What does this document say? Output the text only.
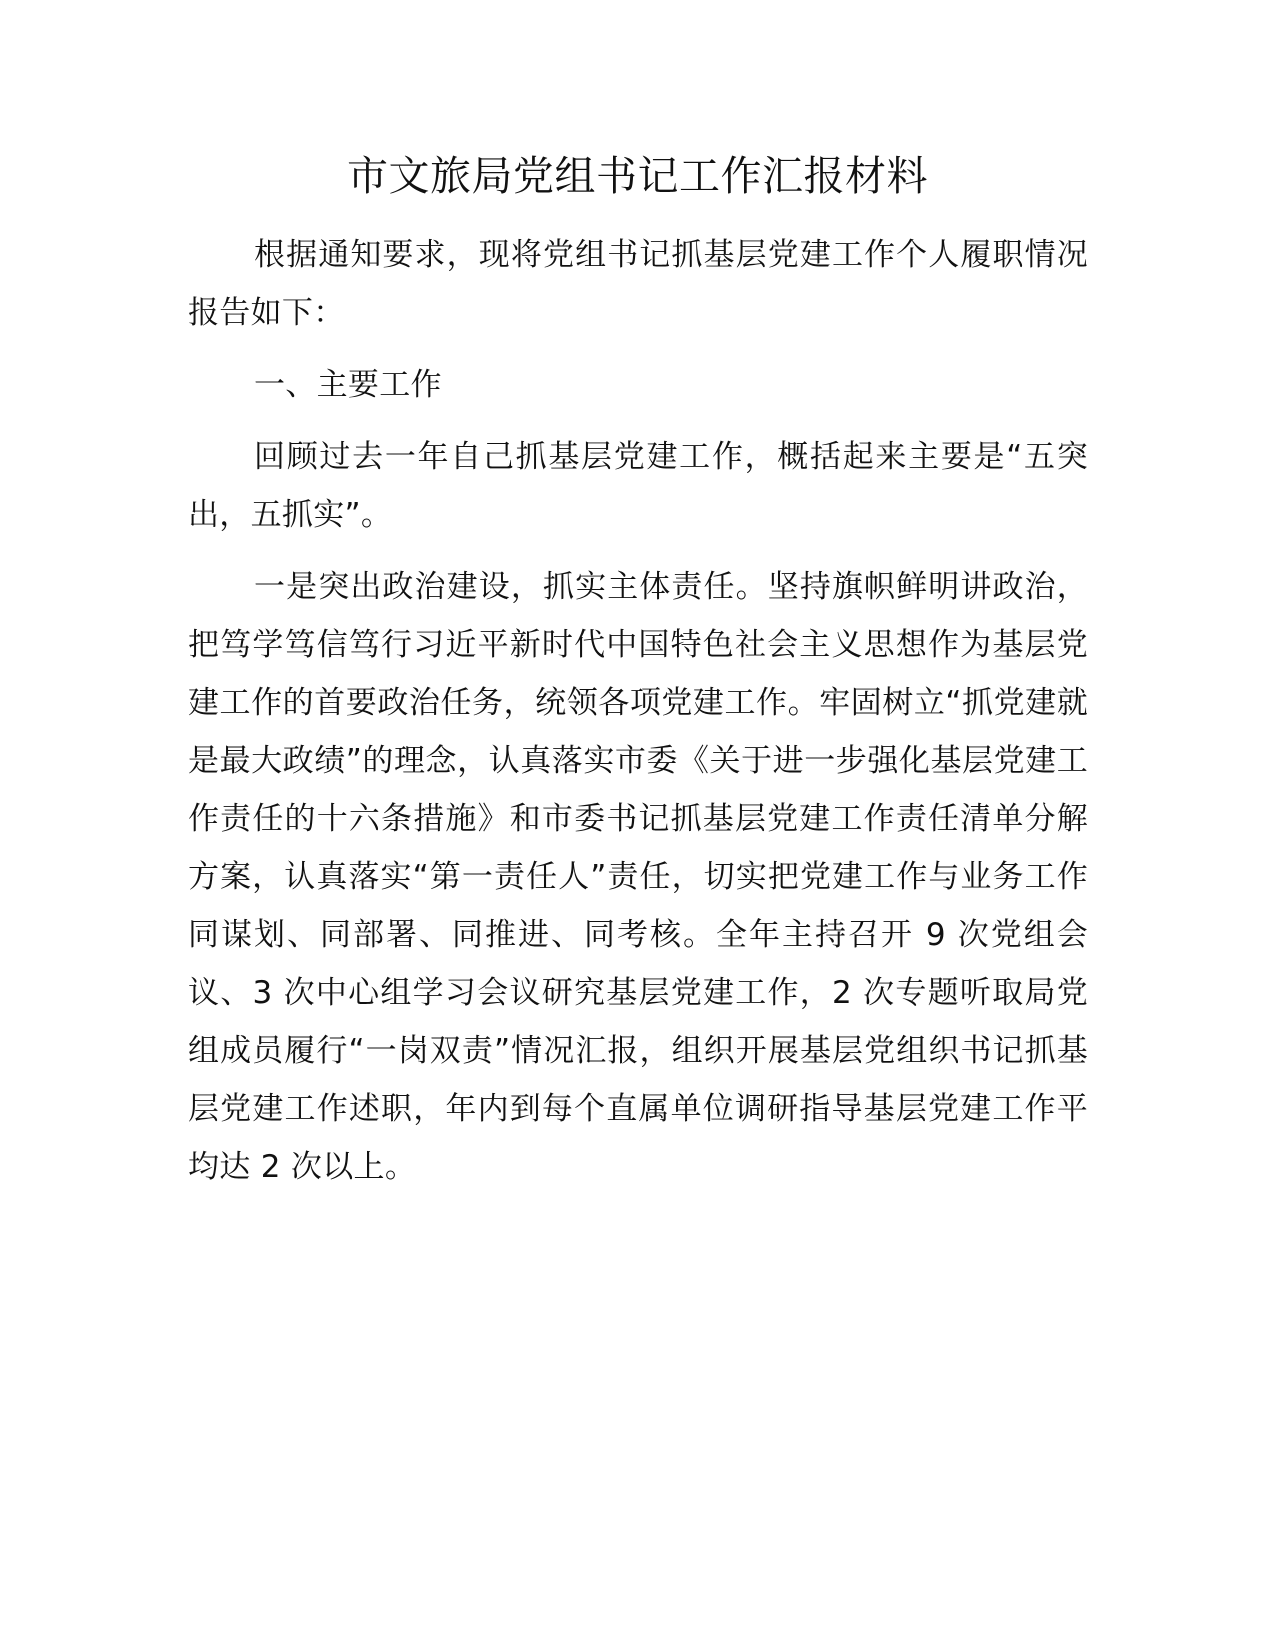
市文旅局党组书记工作汇报材料

根据通知要求，现将党组书记抓基层党建工作个人履职情况报告如下：

一、主要工作

回顾过去一年自己抓基层党建工作，概括起来主要是“五突出，五抓实”。

一是突出政治建设，抓实主体责任。坚持旗帜鲜明讲政治，把笃学笃信笃行习近平新时代中国特色社会主义思想作为基层党建工作的首要政治任务，统领各项党建工作。牢固树立“抓党建就是最大政绩”的理念，认真落实市委《关于进一步强化基层党建工作责任的十六条措施》和市委书记抓基层党建工作责任清单分解方案，认真落实“第一责任人”责任，切实把党建工作与业务工作同谋划、同部署、同推进、同考核。全年主持召开 9 次党组会议、3 次中心组学习会议研究基层党建工作，2 次专题听取局党组成员履行“一岗双责”情况汇报，组织开展基层党组织书记抓基层党建工作述职，年内到每个直属单位调研指导基层党建工作平均达 2 次以上。
